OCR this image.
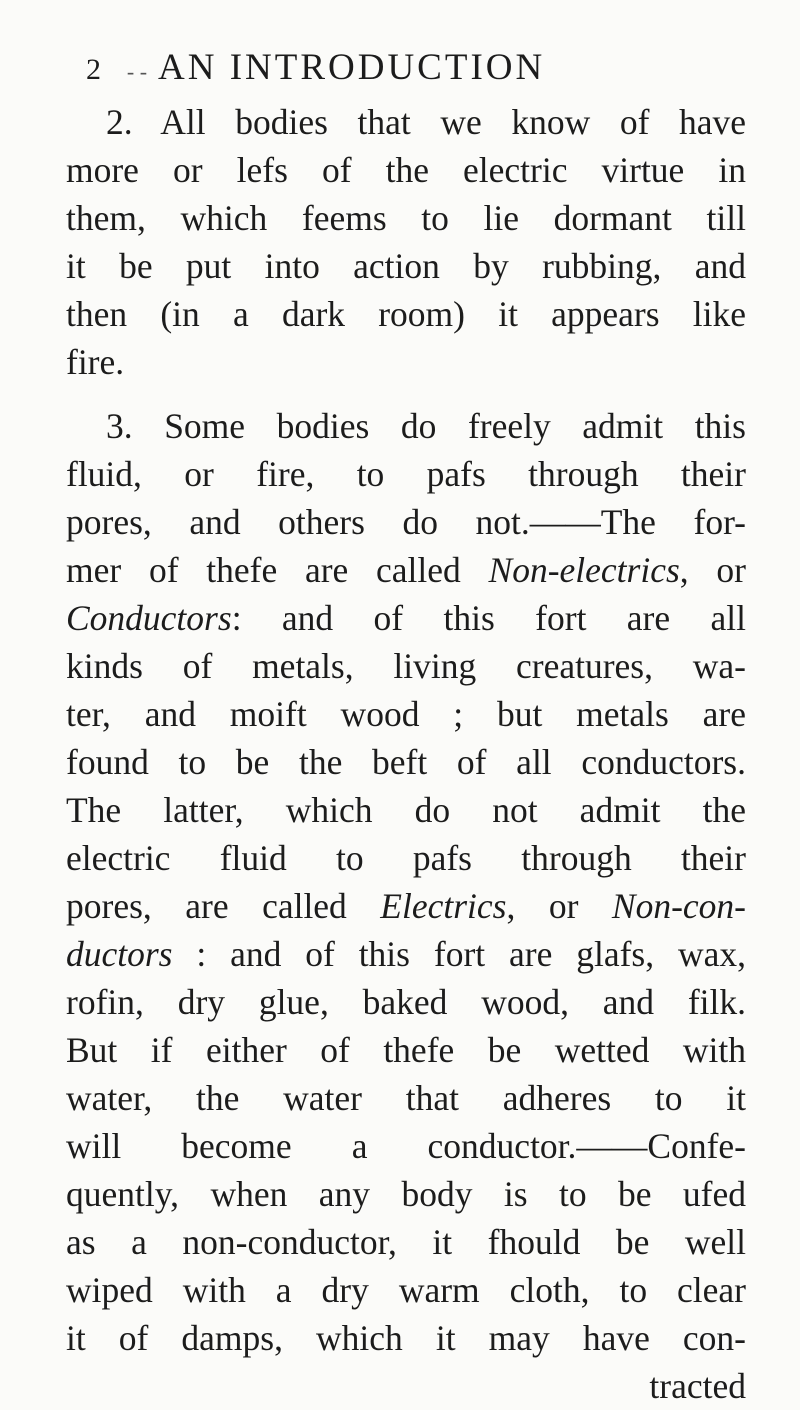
2 - - AN INTRODUCTION
2. All bodies that we know of have
more or lefs of the electric virtue in
them, which feems to lie dormant till
it be put into action by rubbing, and
then (in a dark room) it appears like
fire.
3. Some bodies do freely admit this
fluid, or fire, to pafs through their
pores, and others do not.——The for-
mer of thefe are called Non-electrics, or
Conductors: and of this fort are all
kinds of metals, living creatures, wa-
ter, and moift wood ; but metals are
found to be the beft of all conductors.
The latter, which do not admit the
electric fluid to pafs through their
pores, are called Electrics, or Non-con-
ductors : and of this fort are glafs, wax,
rofin, dry glue, baked wood, and filk.
But if either of thefe be wetted with
water, the water that adheres to it
will become a conductor.——Confe-
quently, when any body is to be ufed
as a non-conductor, it fhould be well
wiped with a dry warm cloth, to clear
it of damps, which it may have con-
tracted
